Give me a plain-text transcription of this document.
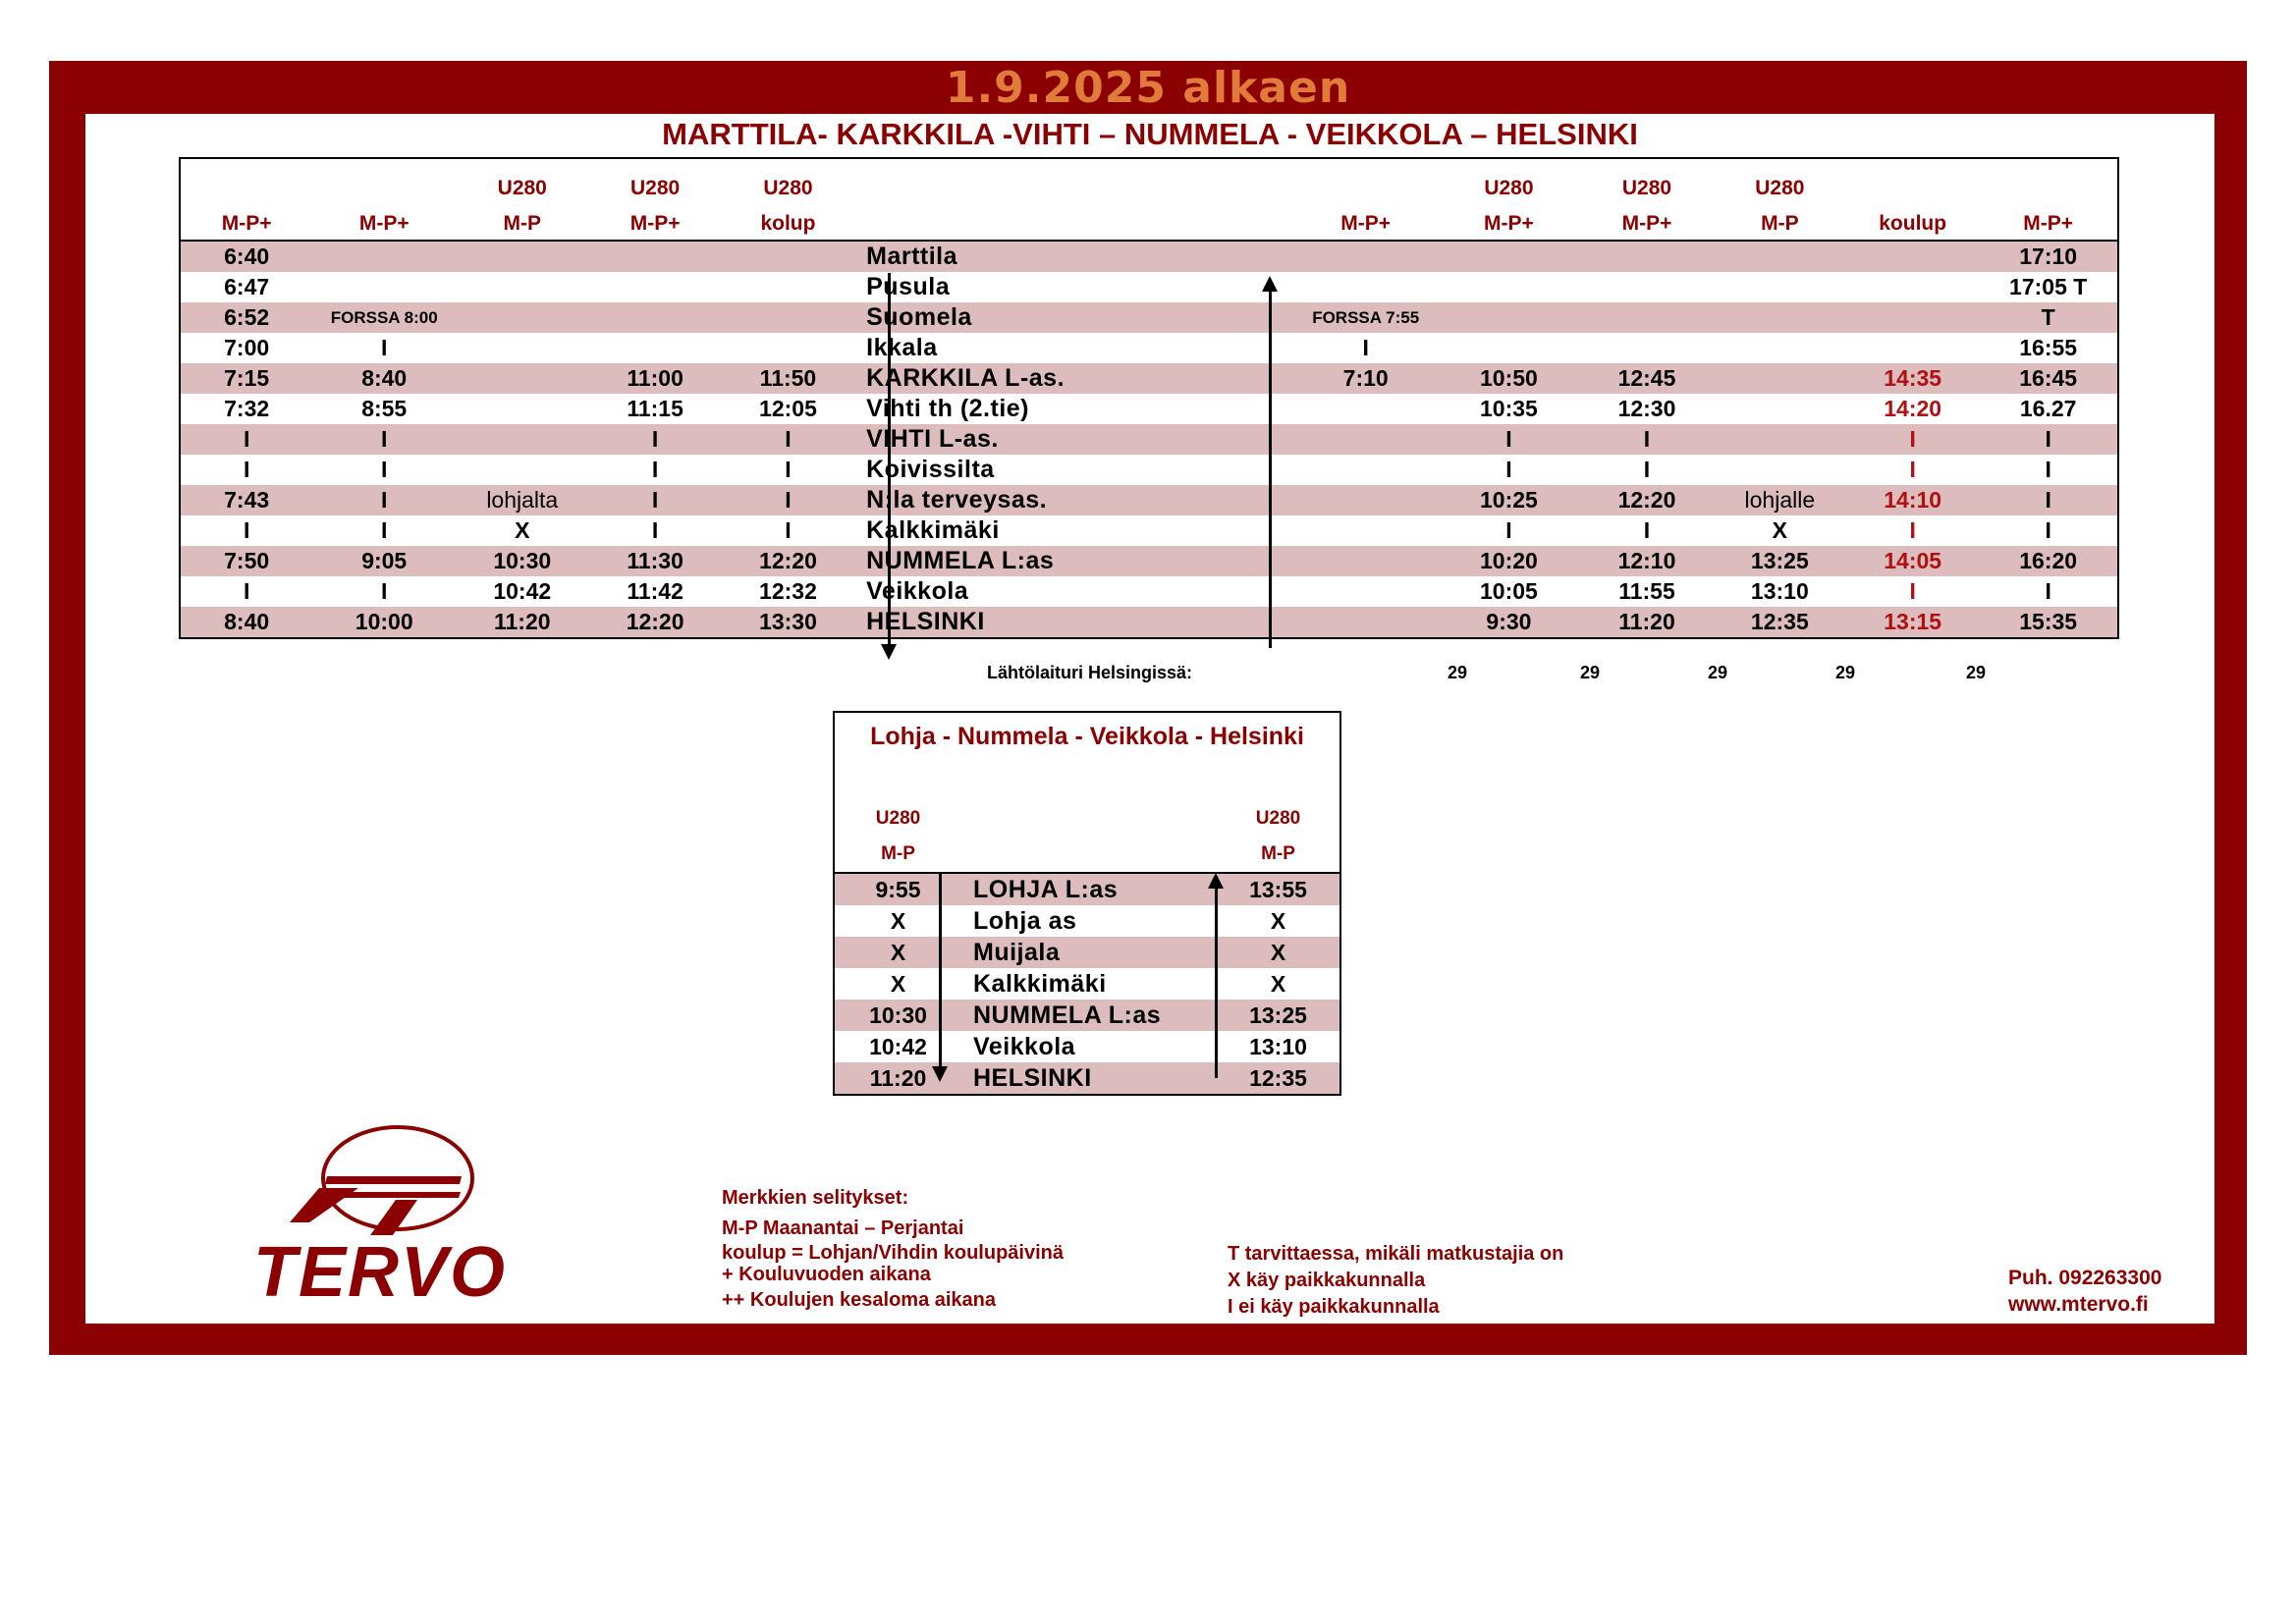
1.9.2025 alkaen
MARTTILA- KARKKILA -VIHTI – NUMMELA - VEIKKOLA – HELSINKI
		U280	U280	U280			U280	U280	U280		
M-P+	M-P+	M-P	M-P+	kolup		M-P+	M-P+	M-P+	M-P	koulup	M-P+
6:40					Marttila						17:10
6:47					Pusula						17:05 T
6:52	FORSSA 8:00				Suomela	FORSSA 7:55					T
7:00	I				Ikkala	I					16:55
7:15	8:40		11:00	11:50	KARKKILA L-as.	7:10	10:50	12:45		14:35	16:45
7:32	8:55		11:15	12:05	Vihti th (2.tie)		10:35	12:30		14:20	16.27
I	I		I	I	VIHTI L-as.		I	I		I	I
I	I		I	I	Koivissilta		I	I		I	I
7:43	I	lohjalta	I	I	N:la terveysas.		10:25	12:20	lohjalle	14:10	I
I	I	X	I	I	Kalkkimäki		I	I	X	I	I
7:50	9:05	10:30	11:30	12:20	NUMMELA L:as		10:20	12:10	13:25	14:05	16:20
I	I	10:42	11:42	12:32	Veikkola		10:05	11:55	13:10	I	I
8:40	10:00	11:20	12:20	13:30	HELSINKI		9:30	11:20	12:35	13:15	15:35
Lähtölaituri Helsingissä:	29	29	29	29	29
Lohja - Nummela - Veikkola - Helsinki		
U280		U280
M-P		M-P
9:55	LOHJA L:as	13:55
X	Lohja as	X
X	Muijala	X
X	Kalkkimäki	X
10:30	NUMMELA L:as	13:25
10:42	Veikkola	13:10
11:20	HELSINKI	12:35
TERVO
Merkkien selitykset:
M-P Maanantai – Perjantai
koulup = Lohjan/Vihdin koulupäivinä
+ Kouluvuoden aikana
++ Koulujen kesaloma aikana
T tarvittaessa, mikäli matkustajia on
X käy paikkakunnalla
I ei käy paikkakunnalla
Puh. 092263300
www.mtervo.fi
